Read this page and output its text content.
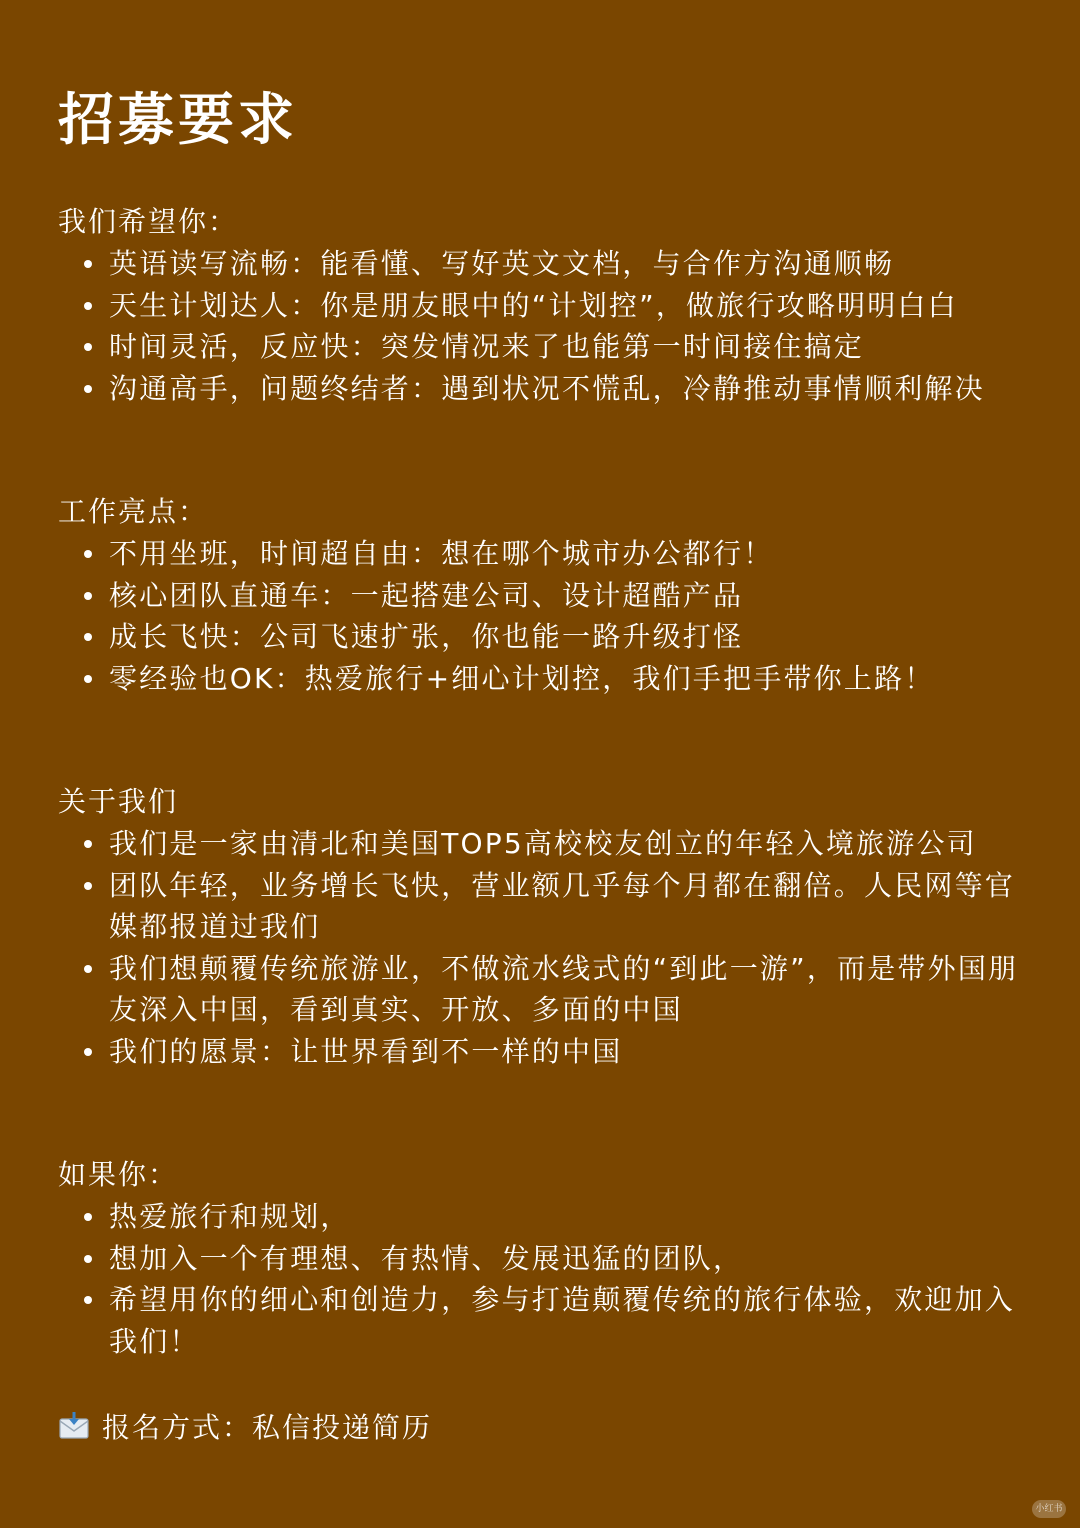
招募要求
我们希望你：
英语读写流畅：能看懂、写好英文文档，与合作方沟通顺畅
天生计划达人：你是朋友眼中的“计划控”，做旅行攻略明明白白
时间灵活，反应快：突发情况来了也能第一时间接住搞定
沟通高手，问题终结者：遇到状况不慌乱，冷静推动事情顺利解决
工作亮点：
不用坐班，时间超自由：想在哪个城市办公都行！
核心团队直通车：一起搭建公司、设计超酷产品
成长飞快：公司飞速扩张，你也能一路升级打怪
零经验也OK：热爱旅行+细心计划控，我们手把手带你上路！
关于我们
我们是一家由清北和美国TOP5高校校友创立的年轻入境旅游公司
团队年轻，业务增长飞快，营业额几乎每个月都在翻倍。人民网等官媒都报道过我们
我们想颠覆传统旅游业，不做流水线式的“到此一游”，而是带外国朋友深入中国，看到真实、开放、多面的中国
我们的愿景：让世界看到不一样的中国
如果你：
热爱旅行和规划，
想加入一个有理想、有热情、发展迅猛的团队，
希望用你的细心和创造力，参与打造颠覆传统的旅行体验，欢迎加入我们！
报名方式：私信投递简历
小红书
